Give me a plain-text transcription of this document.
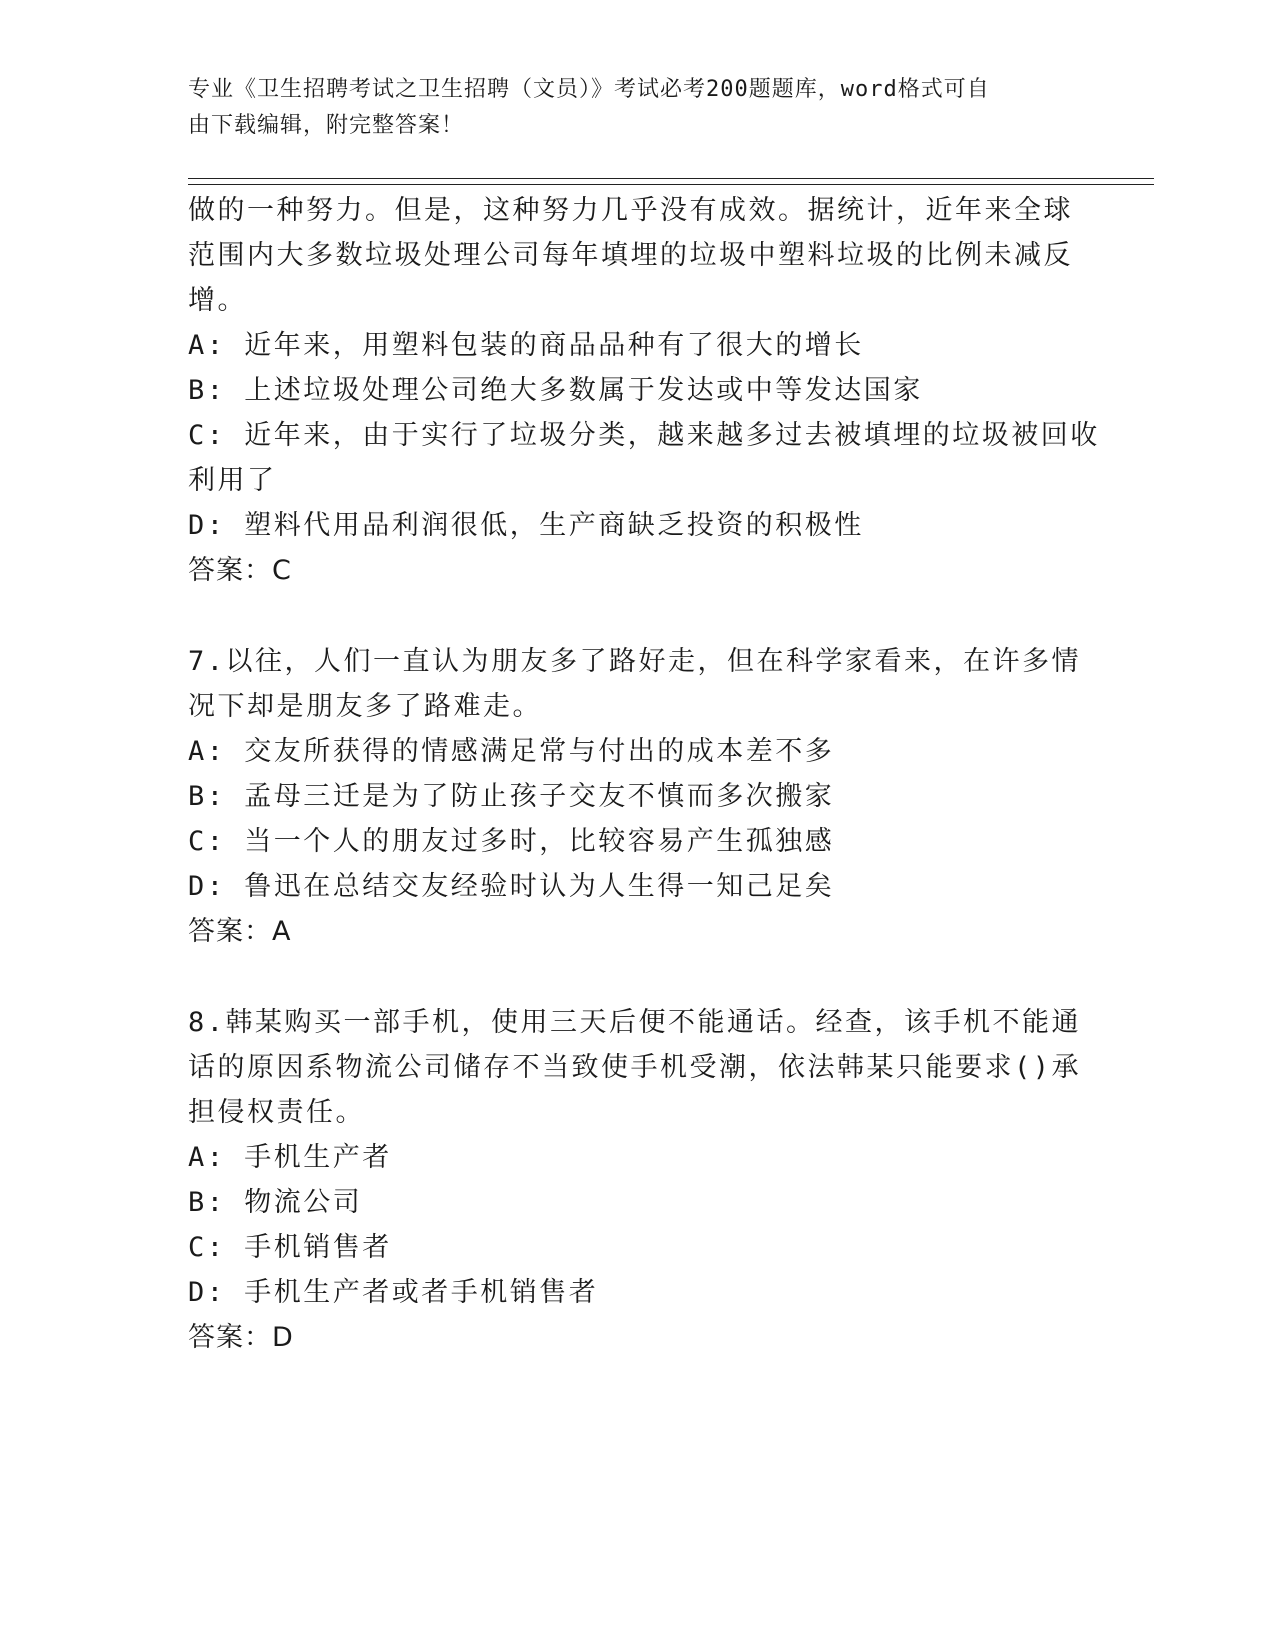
专业《卫生招聘考试之卫生招聘（文员）》考试必考200题题库，word格式可自
由下载编辑，附完整答案！
做的一种努力。但是，这种努力几乎没有成效。据统计，近年来全球
范围内大多数垃圾处理公司每年填埋的垃圾中塑料垃圾的比例未减反
增。
A: 近年来，用塑料包装的商品品种有了很大的增长
B: 上述垃圾处理公司绝大多数属于发达或中等发达国家
C: 近年来，由于实行了垃圾分类，越来越多过去被填埋的垃圾被回收
利用了
D: 塑料代用品利润很低，生产商缺乏投资的积极性
答案：C
7.以往，人们一直认为朋友多了路好走，但在科学家看来，在许多情
况下却是朋友多了路难走。
A: 交友所获得的情感满足常与付出的成本差不多
B: 孟母三迁是为了防止孩子交友不慎而多次搬家
C: 当一个人的朋友过多时，比较容易产生孤独感
D: 鲁迅在总结交友经验时认为人生得一知己足矣
答案：A
8.韩某购买一部手机，使用三天后便不能通话。经查，该手机不能通
话的原因系物流公司储存不当致使手机受潮，依法韩某只能要求()承
担侵权责任。
A: 手机生产者
B: 物流公司
C: 手机销售者
D: 手机生产者或者手机销售者
答案：D
